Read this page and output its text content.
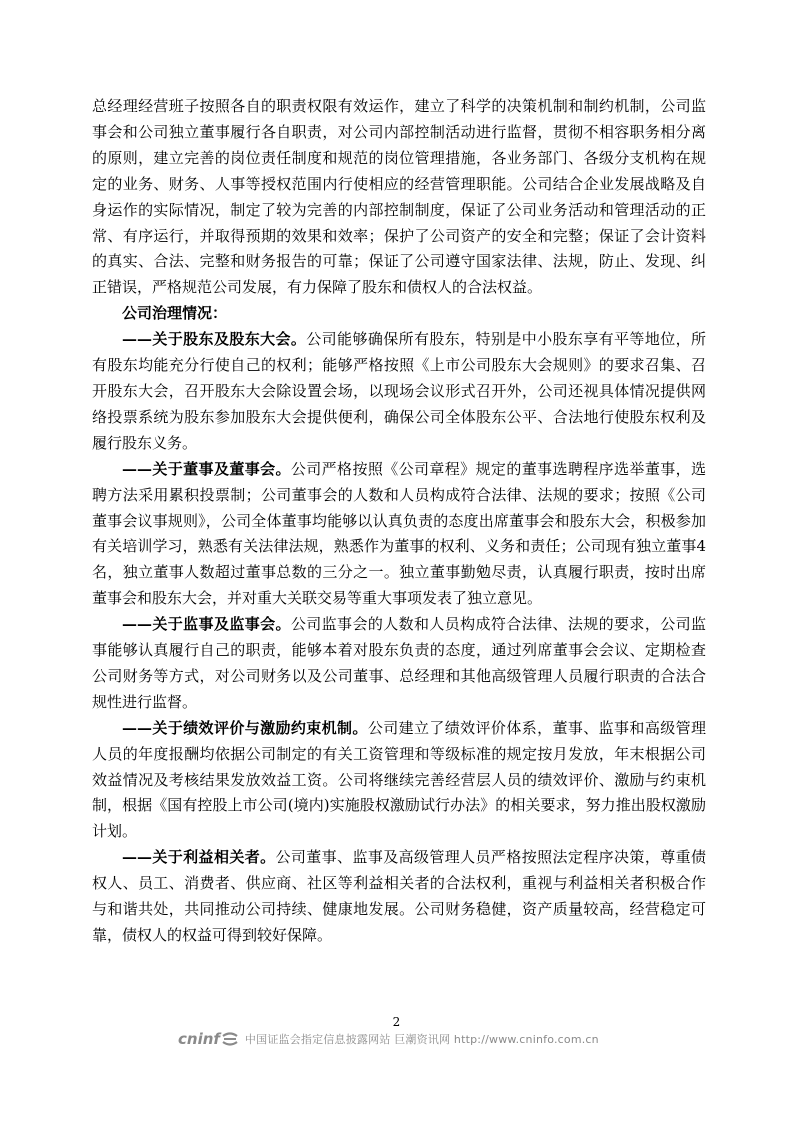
总经理经营班子按照各自的职责权限有效运作，建立了科学的决策机制和制约机制，公司监事会和公司独立董事履行各自职责，对公司内部控制活动进行监督，贯彻不相容职务相分离的原则，建立完善的岗位责任制度和规范的岗位管理措施，各业务部门、各级分支机构在规定的业务、财务、人事等授权范围内行使相应的经营管理职能。公司结合企业发展战略及自身运作的实际情况，制定了较为完善的内部控制制度，保证了公司业务活动和管理活动的正常、有序运行，并取得预期的效果和效率；保护了公司资产的安全和完整；保证了会计资料的真实、合法、完整和财务报告的可靠；保证了公司遵守国家法律、法规，防止、发现、纠正错误，严格规范公司发展，有力保障了股东和债权人的合法权益。

公司治理情况：

——关于股东及股东大会。公司能够确保所有股东，特别是中小股东享有平等地位，所有股东均能充分行使自己的权利；能够严格按照《上市公司股东大会规则》的要求召集、召开股东大会，召开股东大会除设置会场，以现场会议形式召开外，公司还视具体情况提供网络投票系统为股东参加股东大会提供便利，确保公司全体股东公平、合法地行使股东权利及履行股东义务。

——关于董事及董事会。公司严格按照《公司章程》规定的董事选聘程序选举董事，选聘方法采用累积投票制；公司董事会的人数和人员构成符合法律、法规的要求；按照《公司董事会议事规则》，公司全体董事均能够以认真负责的态度出席董事会和股东大会，积极参加有关培训学习，熟悉有关法律法规，熟悉作为董事的权利、义务和责任；公司现有独立董事4名，独立董事人数超过董事总数的三分之一。独立董事勤勉尽责，认真履行职责，按时出席董事会和股东大会，并对重大关联交易等重大事项发表了独立意见。

——关于监事及监事会。公司监事会的人数和人员构成符合法律、法规的要求，公司监事能够认真履行自己的职责，能够本着对股东负责的态度，通过列席董事会会议、定期检查公司财务等方式，对公司财务以及公司董事、总经理和其他高级管理人员履行职责的合法合规性进行监督。

——关于绩效评价与激励约束机制。公司建立了绩效评价体系，董事、监事和高级管理人员的年度报酬均依据公司制定的有关工资管理和等级标准的规定按月发放，年末根据公司效益情况及考核结果发放效益工资。公司将继续完善经营层人员的绩效评价、激励与约束机制，根据《国有控股上市公司(境内)实施股权激励试行办法》的相关要求，努力推出股权激励计划。

——关于利益相关者。公司董事、监事及高级管理人员严格按照法定程序决策，尊重债权人、员工、消费者、供应商、社区等利益相关者的合法权利，重视与利益相关者积极合作与和谐共处，共同推动公司持续、健康地发展。公司财务稳健，资产质量较高，经营稳定可靠，债权人的权益可得到较好保障。

2
cninf 中国证监会指定信息披露网站 巨潮资讯网 http://www.cninfo.com.cn
